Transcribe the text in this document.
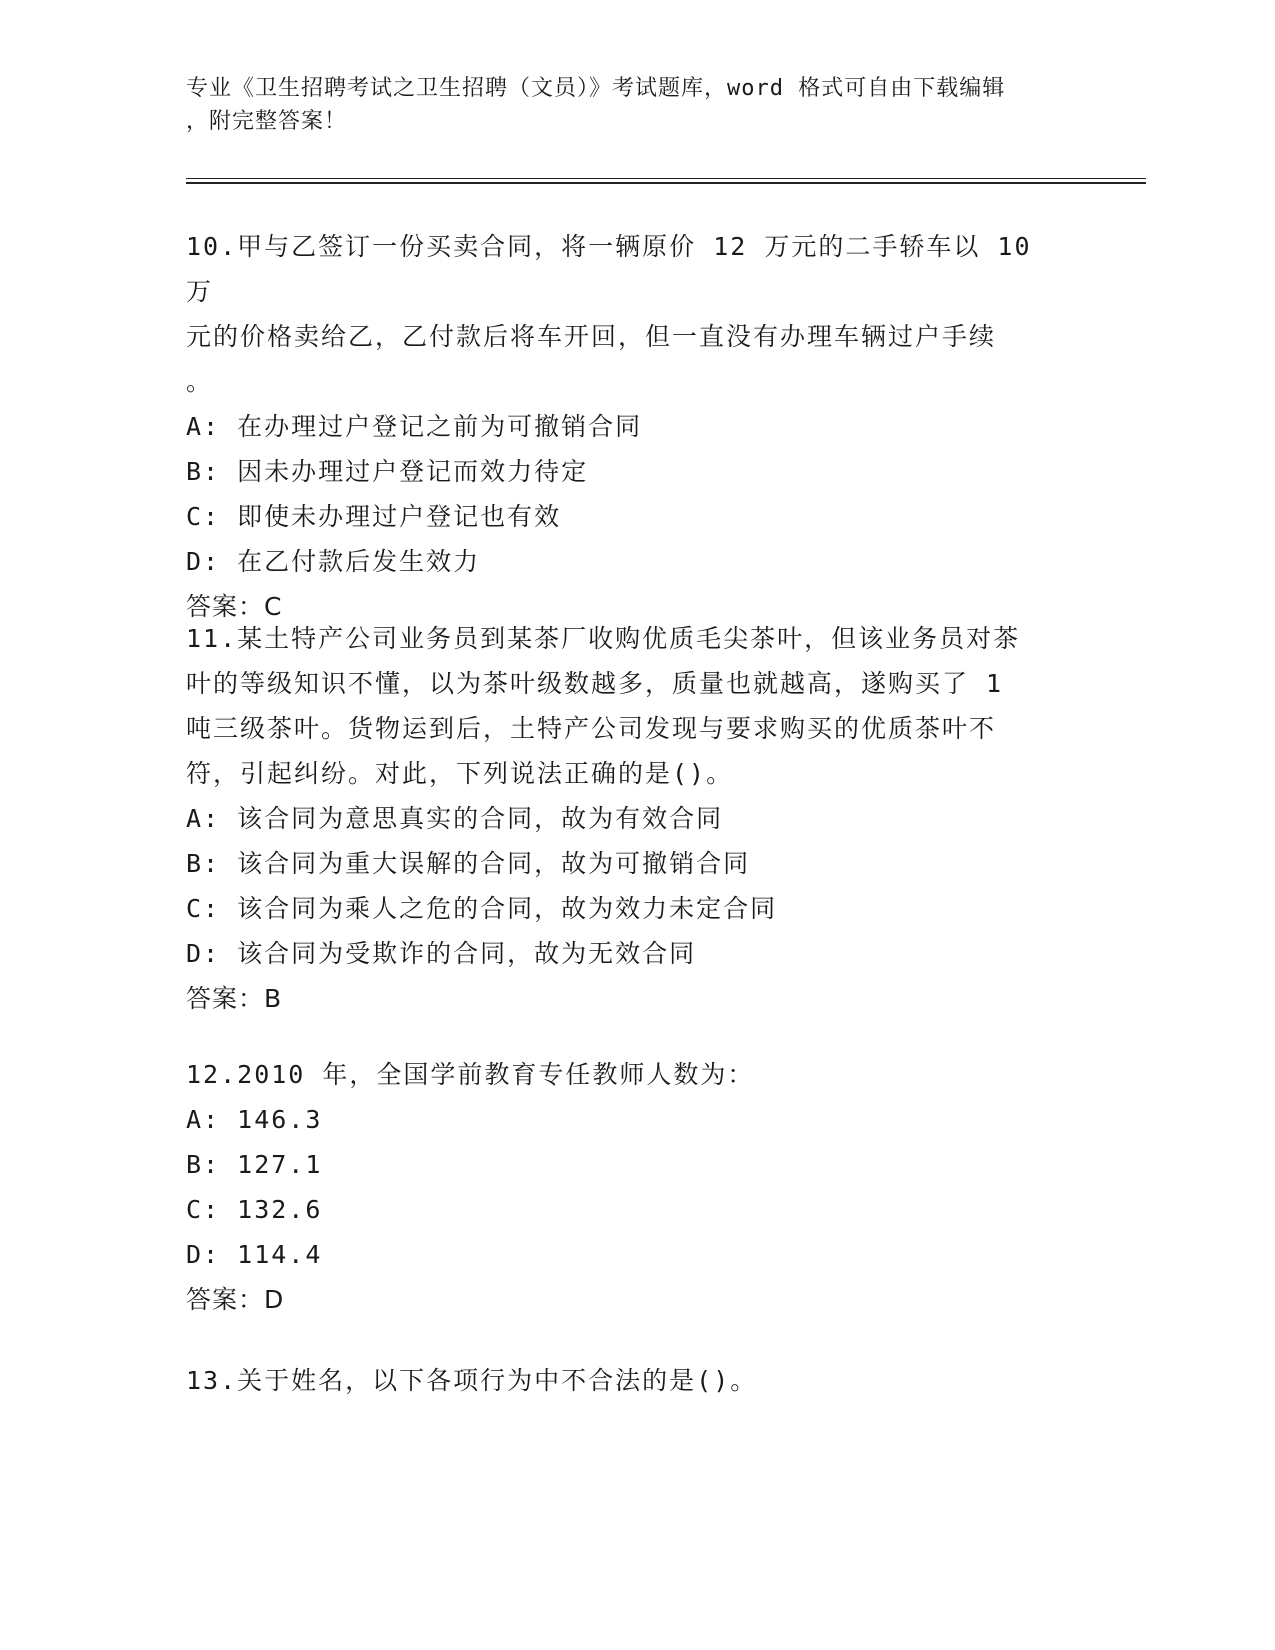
专业《卫生招聘考试之卫生招聘（文员）》考试题库，word 格式可自由下载编辑
，附完整答案！

10.甲与乙签订一份买卖合同，将一辆原价 12 万元的二手轿车以 10 万

元的价格卖给乙，乙付款后将车开回，但一直没有办理车辆过户手续

。

A: 在办理过户登记之前为可撤销合同

B: 因未办理过户登记而效力待定

C: 即使未办理过户登记也有效

D: 在乙付款后发生效力

答案：C

11.某土特产公司业务员到某茶厂收购优质毛尖茶叶，但该业务员对茶

叶的等级知识不懂，以为茶叶级数越多，质量也就越高，遂购买了 1

吨三级茶叶。货物运到后，土特产公司发现与要求购买的优质茶叶不

符，引起纠纷。对此，下列说法正确的是()。

A: 该合同为意思真实的合同，故为有效合同

B: 该合同为重大误解的合同，故为可撤销合同

C: 该合同为乘人之危的合同，故为效力未定合同

D: 该合同为受欺诈的合同，故为无效合同

答案：B

12.2010 年，全国学前教育专任教师人数为：

A: 146.3

B: 127.1

C: 132.6

D: 114.4

答案：D

13.关于姓名，以下各项行为中不合法的是()。
